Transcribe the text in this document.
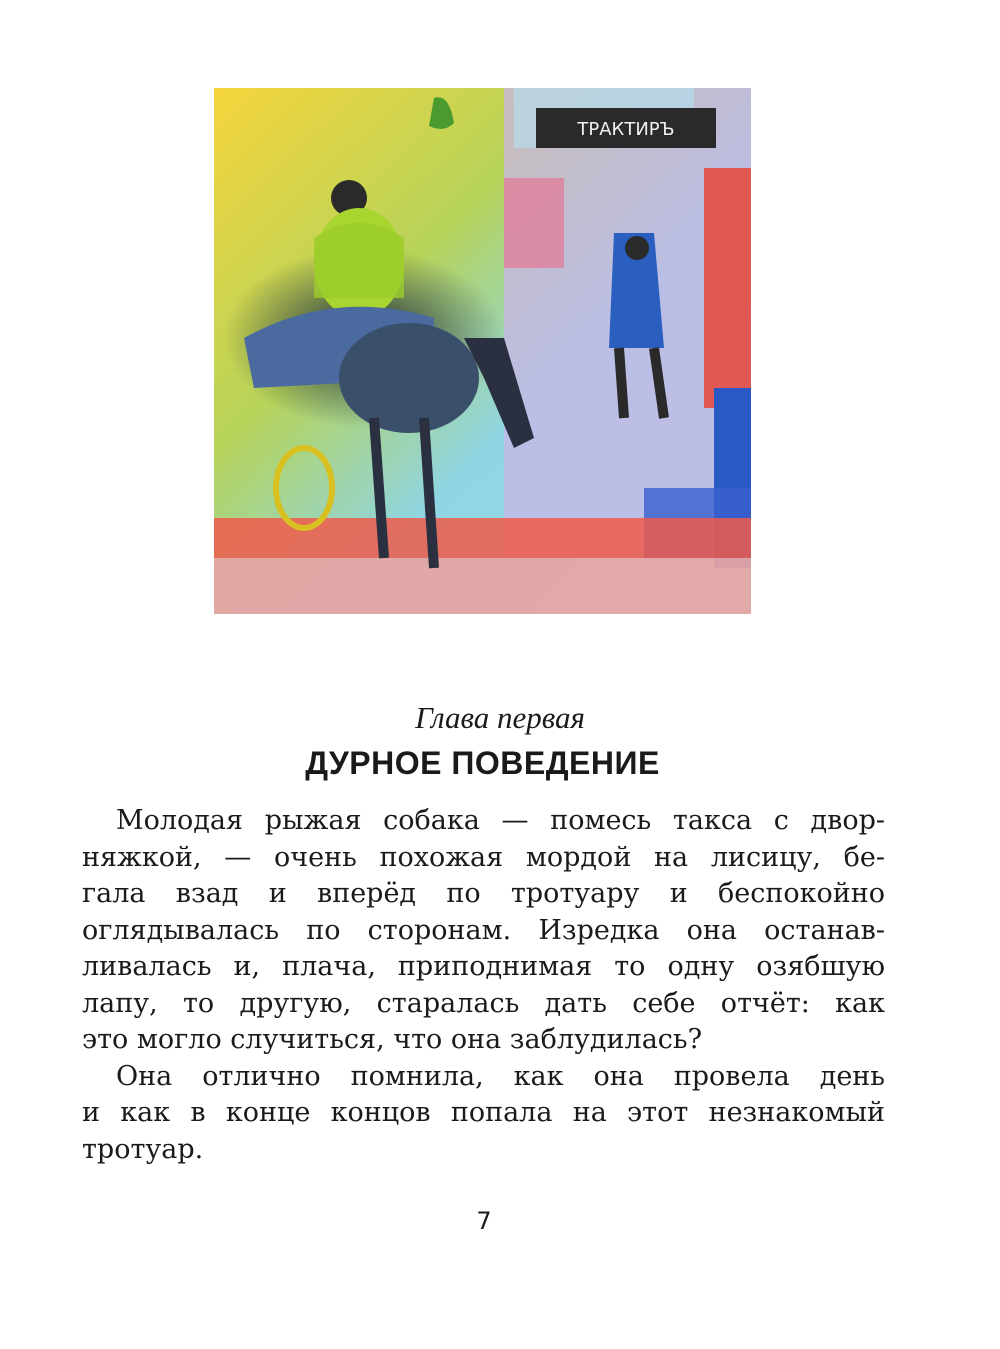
ТРАКТИРЪ
Глава первая
ДУРНОЕ ПОВЕДЕНИЕ

Молодая рыжая собака — помесь такса с двор-
няжкой, — очень похожая мордой на лисицу, бе-
гала взад и вперёд по тротуару и беспокойно
оглядывалась по сторонам. Изредка она останав-
ливалась и, плача, приподнимая то одну озябшую
лапу, то другую, старалась дать себе отчёт: как
это могло случиться, что она заблудилась?

Она отлично помнила, как она провела день
и как в конце концов попала на этот незнакомый
тротуар.

7
